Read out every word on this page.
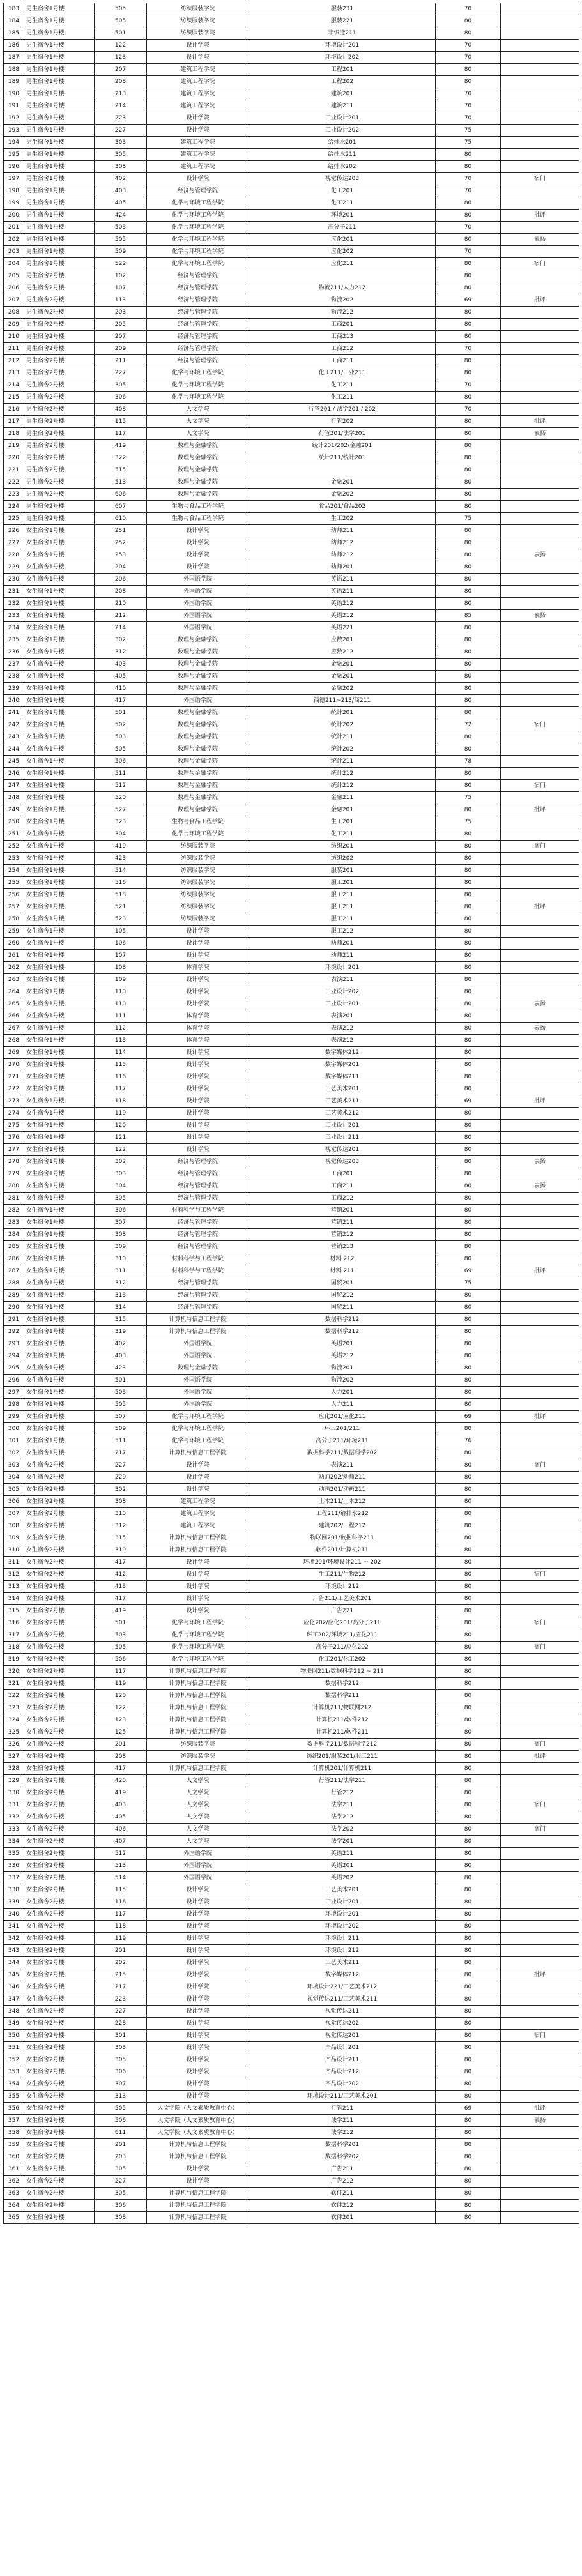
183	男生宿舍1号楼	505	纺织服装学院	服装231	70	
184	男生宿舍1号楼	505	纺织服装学院	服装221	80	
185	男生宿舍1号楼	501	纺织服装学院	非织造211	80	
186	男生宿舍1号楼	122	设计学院	环境设计201	70	
187	男生宿舍1号楼	123	设计学院	环境设计202	70	
188	男生宿舍1号楼	207	建筑工程学院	工程201	80	
189	男生宿舍1号楼	208	建筑工程学院	工程202	80	
190	男生宿舍1号楼	213	建筑工程学院	建筑201	70	
191	男生宿舍1号楼	214	建筑工程学院	建筑211	70	
192	男生宿舍1号楼	223	设计学院	工业设计201	70	
193	男生宿舍1号楼	227	设计学院	工业设计202	75	
194	男生宿舍1号楼	303	建筑工程学院	给排水201	75	
195	男生宿舍1号楼	305	建筑工程学院	给排水211	80	
196	男生宿舍1号楼	308	建筑工程学院	给排水202	80	
197	男生宿舍1号楼	402	设计学院	视觉传达203	70	宿门
198	男生宿舍1号楼	403	经济与管理学院	化工201	70	
199	男生宿舍1号楼	405	化学与环境工程学院	化工211	80	
200	男生宿舍1号楼	424	化学与环境工程学院	环境201	80	批评
201	男生宿舍1号楼	503	化学与环境工程学院	高分子211	70	
202	男生宿舍1号楼	505	化学与环境工程学院	应化201	80	表扬
203	男生宿舍1号楼	509	化学与环境工程学院	应化202	70	
204	男生宿舍1号楼	522	化学与环境工程学院	应化211	80	宿门
205	男生宿舍2号楼	102	经济与管理学院		80	
206	男生宿舍2号楼	107	经济与管理学院	物流211/人力212	80	
207	男生宿舍2号楼	113	经济与管理学院	物流202	69	批评
208	男生宿舍2号楼	203	经济与管理学院	物流212	80	
209	男生宿舍2号楼	205	经济与管理学院	工商201	80	
210	男生宿舍2号楼	207	经济与管理学院	工商213	80	
211	男生宿舍2号楼	209	经济与管理学院	工商212	70	
212	男生宿舍2号楼	211	经济与管理学院	工商211	80	
213	男生宿舍2号楼	227	化学与环境工程学院	化工211/工业211	80	
214	男生宿舍2号楼	305	化学与环境工程学院	化工211	70	
215	男生宿舍2号楼	306	化学与环境工程学院	化工211	80	
216	男生宿舍2号楼	408	人文学院	行管201 / 法学201 / 202	70	
217	男生宿舍2号楼	115	人文学院	行管202	80	批评
218	男生宿舍2号楼	117	人文学院	行管201/法学201	80	表扬
219	男生宿舍2号楼	419	数理与金融学院	统计201/202/金融201	80	
220	男生宿舍2号楼	322	数理与金融学院	统计211/统计201	80	
221	男生宿舍2号楼	515	数理与金融学院		80	
222	男生宿舍2号楼	513	数理与金融学院	金融201	80	
223	男生宿舍2号楼	606	数理与金融学院	金融202	80	
224	男生宿舍2号楼	607	生物与食品工程学院	食品201/食品202	80	
225	男生宿舍2号楼	610	生物与食品工程学院	生工202	75	
226	女生宿舍1号楼	251	设计学院	幼师211	80	
227	女生宿舍1号楼	252	设计学院	幼师212	80	
228	女生宿舍1号楼	253	设计学院	幼师212	80	表扬
229	女生宿舍1号楼	204	设计学院	幼师201	80	
230	女生宿舍1号楼	206	外国语学院	英语211	80	
231	女生宿舍1号楼	208	外国语学院	英语211	80	
232	女生宿舍1号楼	210	外国语学院	英语212	80	
233	女生宿舍1号楼	212	外国语学院	英语212	85	表扬
234	女生宿舍1号楼	214	外国语学院	英语221	80	
235	女生宿舍1号楼	302	数理与金融学院	应数201	80	
236	女生宿舍1号楼	312	数理与金融学院	应数212	80	
237	女生宿舍1号楼	403	数理与金融学院	金融201	80	
238	女生宿舍1号楼	405	数理与金融学院	金融201	80	
239	女生宿舍1号楼	410	数理与金融学院	金融202	80	
240	女生宿舍1号楼	417	外国语学院	商德211~213/商211	80	
241	女生宿舍1号楼	501	数理与金融学院	统计201	80	
242	女生宿舍1号楼	502	数理与金融学院	统计202	72	宿门
243	女生宿舍1号楼	503	数理与金融学院	统计211	80	
244	女生宿舍1号楼	505	数理与金融学院	统计202	80	
245	女生宿舍1号楼	506	数理与金融学院	统计211	78	
246	女生宿舍1号楼	511	数理与金融学院	统计212	80	
247	女生宿舍1号楼	512	数理与金融学院	统计212	80	宿门
248	女生宿舍1号楼	520	数理与金融学院	金融211	75	
249	女生宿舍1号楼	527	数理与金融学院	金融201	80	批评
250	女生宿舍1号楼	323	生物与食品工程学院	生工201	75	
251	女生宿舍1号楼	304	化学与环境工程学院	化工211	80	
252	女生宿舍1号楼	419	纺织服装学院	纺织201	80	宿门
253	女生宿舍1号楼	423	纺织服装学院	纺织202	80	
254	女生宿舍1号楼	514	纺织服装学院	服装201	80	
255	女生宿舍1号楼	516	纺织服装学院	服工201	80	
256	女生宿舍1号楼	518	纺织服装学院	服工211	80	
257	女生宿舍1号楼	521	纺织服装学院	服工211	80	批评
258	女生宿舍1号楼	523	纺织服装学院	服工211	80	
259	女生宿舍1号楼	105	设计学院	服工212	80	
260	女生宿舍1号楼	106	设计学院	幼师201	80	
261	女生宿舍1号楼	107	设计学院	幼师211	80	
262	女生宿舍1号楼	108	体育学院	环境设计201	80	
263	女生宿舍1号楼	109	设计学院	表演211	80	
264	女生宿舍1号楼	110	设计学院	工业设计202	80	
265	女生宿舍1号楼	110	设计学院	工业设计201	80	表扬
266	女生宿舍1号楼	111	体育学院	表演201	80	
267	女生宿舍1号楼	112	体育学院	表演212	80	表扬
268	女生宿舍1号楼	113	体育学院	表演212	80	
269	女生宿舍1号楼	114	设计学院	数字媒体212	80	
270	女生宿舍1号楼	115	设计学院	数字媒体201	80	
271	女生宿舍1号楼	116	设计学院	数字媒体211	80	
272	女生宿舍1号楼	117	设计学院	工艺美术201	80	
273	女生宿舍1号楼	118	设计学院	工艺美术211	69	批评
274	女生宿舍1号楼	119	设计学院	工艺美术212	80	
275	女生宿舍1号楼	120	设计学院	工业设计201	80	
276	女生宿舍1号楼	121	设计学院	工业设计211	80	
277	女生宿舍1号楼	122	设计学院	视觉传达201	80	
278	女生宿舍1号楼	302	经济与管理学院	视觉传达203	80	表扬
279	女生宿舍1号楼	303	经济与管理学院	工商201	80	
280	女生宿舍1号楼	304	经济与管理学院	工商211	80	表扬
281	女生宿舍1号楼	305	经济与管理学院	工商212	80	
282	女生宿舍1号楼	306	材料科学与工程学院	营销201	80	
283	女生宿舍1号楼	307	经济与管理学院	营销211	80	
284	女生宿舍1号楼	308	经济与管理学院	营销212	80	
285	女生宿舍1号楼	309	经济与管理学院	营销213	80	
286	女生宿舍1号楼	310	材料科学与工程学院	材料 212	80	
287	女生宿舍1号楼	311	材料科学与工程学院	材料 211	69	批评
288	女生宿舍1号楼	312	经济与管理学院	国贸201	75	
289	女生宿舍1号楼	313	经济与管理学院	国贸212	80	
290	女生宿舍1号楼	314	经济与管理学院	国贸211	80	
291	女生宿舍1号楼	315	计算机与信息工程学院	数据科学212	80	
292	女生宿舍1号楼	319	计算机与信息工程学院	数据科学212	80	
293	女生宿舍1号楼	402	外国语学院	英语201	80	
294	女生宿舍1号楼	403	外国语学院	英语212	80	
295	女生宿舍1号楼	423	数理与金融学院	物流201	80	
296	女生宿舍1号楼	501	外国语学院	物流202	80	
297	女生宿舍1号楼	503	外国语学院	人力201	80	
298	女生宿舍1号楼	505	外国语学院	人力211	80	
299	女生宿舍1号楼	507	化学与环境工程学院	应化201/应化211	69	批评
300	女生宿舍1号楼	509	化学与环境工程学院	环工201/211	80	
301	女生宿舍1号楼	511	化学与环境工程学院	高分子211/环境211	76	
302	女生宿舍1号楼	217	计算机与信息工程学院	数据科学211/数据科学202	80	
303	女生宿舍2号楼	227	设计学院	表演211	80	宿门
304	女生宿舍2号楼	229	设计学院	幼师202/幼师211	80	
305	女生宿舍2号楼	302	设计学院	动画201/动画211	80	
306	女生宿舍2号楼	308	建筑工程学院	土木211/土木212	80	
307	女生宿舍2号楼	310	建筑工程学院	工程211/给排水212	80	
308	女生宿舍2号楼	312	建筑工程学院	建筑202/工程212	80	
309	女生宿舍2号楼	315	计算机与信息工程学院	物联网201/数据科学211	80	
310	女生宿舍2号楼	319	计算机与信息工程学院	软件201/计算机211	80	
311	女生宿舍2号楼	417	设计学院	环境201/环境设计211 ~ 202	80	
312	女生宿舍2号楼	412	设计学院	生工211/生物212	80	宿门
313	女生宿舍2号楼	413	设计学院	环境设计212	80	
314	女生宿舍2号楼	417	设计学院	广告211/工艺美术201	80	
315	女生宿舍2号楼	419	设计学院	广告221	80	
316	女生宿舍2号楼	501	化学与环境工程学院	应化202/应化201/高分子211	80	宿门
317	女生宿舍2号楼	503	化学与环境工程学院	环工202/环境211/应化211	80	
318	女生宿舍2号楼	505	化学与环境工程学院	高分子211/应化202	80	宿门
319	女生宿舍2号楼	506	化学与环境工程学院	化工201/化工202	80	
320	女生宿舍2号楼	117	计算机与信息工程学院	物联网211/数据科学212 ~ 211	80	
321	女生宿舍2号楼	119	计算机与信息工程学院	数据科学212	80	
322	女生宿舍2号楼	120	计算机与信息工程学院	数据科学211	80	
323	女生宿舍2号楼	122	计算机与信息工程学院	计算机211/物联网212	80	
324	女生宿舍2号楼	123	计算机与信息工程学院	计算机211/软件212	80	
325	女生宿舍2号楼	125	计算机与信息工程学院	计算机211/软件211	80	
326	女生宿舍2号楼	201	纺织服装学院	数据科学211/数据科学212	80	宿门
327	女生宿舍2号楼	208	纺织服装学院	纺织201/服装201/服工211	80	批评
328	女生宿舍2号楼	417	计算机与信息工程学院	计算机201/计算机211	80	
329	女生宿舍2号楼	420	人文学院	行管211/法学211	80	
330	女生宿舍2号楼	419	人文学院	行管212	80	
331	女生宿舍2号楼	403	人文学院	法学211	80	宿门
332	女生宿舍2号楼	405	人文学院	法学212	80	
333	女生宿舍2号楼	406	人文学院	法学202	80	宿门
334	女生宿舍2号楼	407	人文学院	法学201	80	
335	女生宿舍2号楼	512	外国语学院	英语211	80	
336	女生宿舍2号楼	513	外国语学院	英语201	80	
337	女生宿舍2号楼	514	外国语学院	英语202	80	
338	女生宿舍2号楼	115	设计学院	工艺美术201	80	
339	女生宿舍2号楼	116	设计学院	工业设计201	80	
340	女生宿舍2号楼	117	设计学院	环境设计201	80	
341	女生宿舍2号楼	118	设计学院	环境设计202	80	
342	女生宿舍2号楼	119	设计学院	环境设计211	80	
343	女生宿舍2号楼	201	设计学院	环境设计212	80	
344	女生宿舍2号楼	202	设计学院	工艺美术211	80	
345	女生宿舍2号楼	215	设计学院	数字媒体212	80	批评
346	女生宿舍2号楼	217	设计学院	环境设计221/工艺美术212	80	
347	女生宿舍2号楼	223	设计学院	视觉传达211/工艺美术211	80	
348	女生宿舍2号楼	227	设计学院	视觉传达211	80	
349	女生宿舍2号楼	228	设计学院	视觉传达202	80	
350	女生宿舍2号楼	301	设计学院	视觉传达201	80	宿门
351	女生宿舍2号楼	303	设计学院	产品设计201	80	
352	女生宿舍2号楼	305	设计学院	产品设计211	80	
353	女生宿舍2号楼	306	设计学院	产品设计212	80	
354	女生宿舍2号楼	307	设计学院	产品设计202	80	
355	女生宿舍2号楼	313	设计学院	环境设计211/工艺美术201	80	
356	女生宿舍2号楼	505	人文学院（人文素质教育中心）	行管211	69	批评
357	女生宿舍2号楼	506	人文学院（人文素质教育中心）	法学211	80	表扬
358	女生宿舍2号楼	611	人文学院（人文素质教育中心）	法学212	80	
359	女生宿舍2号楼	201	计算机与信息工程学院	数据科学201	80	
360	女生宿舍2号楼	203	计算机与信息工程学院	数据科学202	80	
361	女生宿舍2号楼	305	设计学院	广告211	80	
362	女生宿舍2号楼	227	设计学院	广告212	80	
363	女生宿舍2号楼	305	计算机与信息工程学院	软件211	80	
364	女生宿舍2号楼	306	计算机与信息工程学院	软件212	80	
365	女生宿舍2号楼	308	计算机与信息工程学院	软件201	80	
